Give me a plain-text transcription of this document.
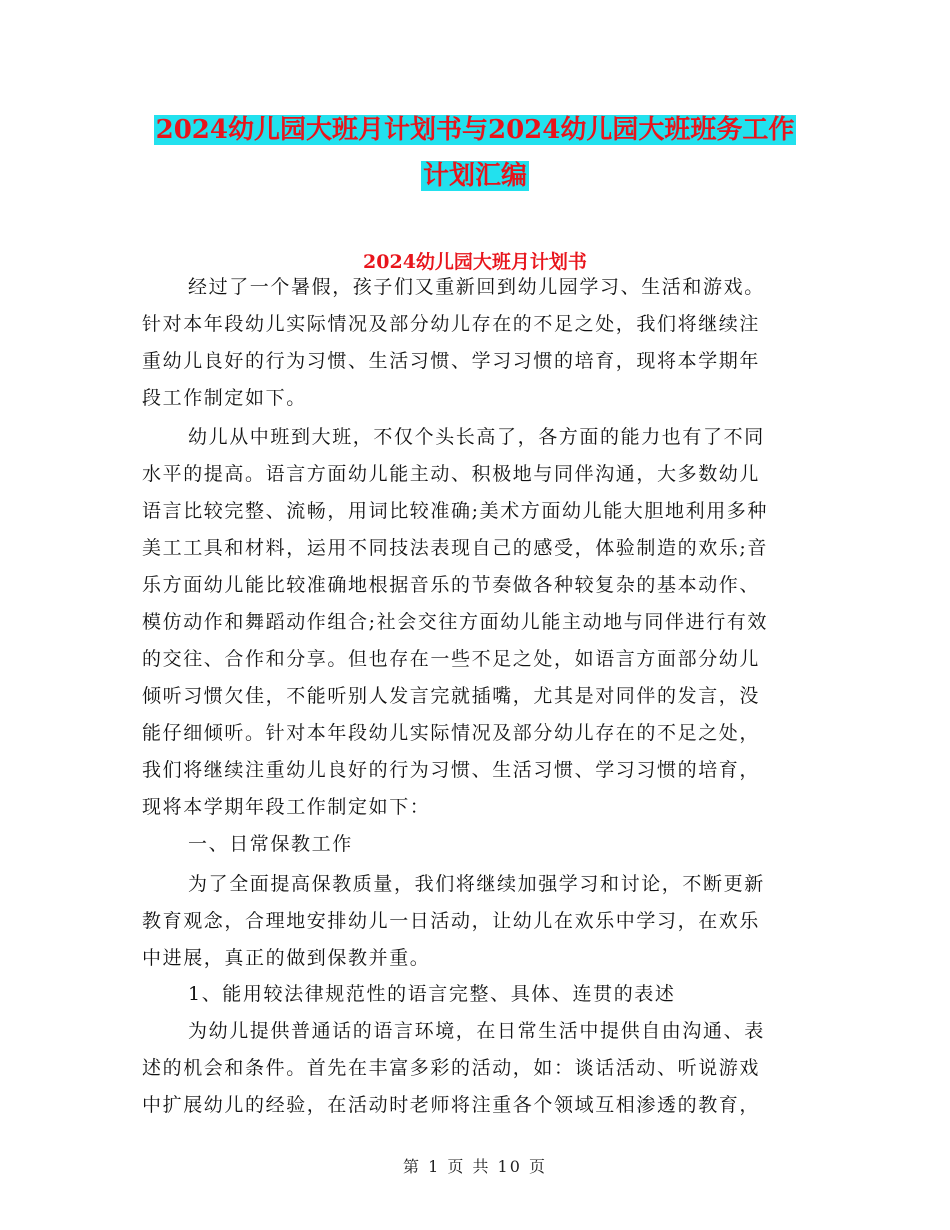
2024幼儿园大班月计划书与2024幼儿园大班班务工作
计划汇编
2024幼儿园大班月计划书
经过了一个暑假，孩子们又重新回到幼儿园学习、生活和游戏。
针对本年段幼儿实际情况及部分幼儿存在的不足之处，我们将继续注
重幼儿良好的行为习惯、生活习惯、学习习惯的培育，现将本学期年
段工作制定如下。
幼儿从中班到大班，不仅个头长高了，各方面的能力也有了不同
水平的提高。语言方面幼儿能主动、积极地与同伴沟通，大多数幼儿
语言比较完整、流畅，用词比较准确;美术方面幼儿能大胆地利用多种
美工工具和材料，运用不同技法表现自己的感受，体验制造的欢乐;音
乐方面幼儿能比较准确地根据音乐的节奏做各种较复杂的基本动作、
模仿动作和舞蹈动作组合;社会交往方面幼儿能主动地与同伴进行有效
的交往、合作和分享。但也存在一些不足之处，如语言方面部分幼儿
倾听习惯欠佳，不能听别人发言完就插嘴，尤其是对同伴的发言，没
能仔细倾听。针对本年段幼儿实际情况及部分幼儿存在的不足之处，
我们将继续注重幼儿良好的行为习惯、生活习惯、学习习惯的培育，
现将本学期年段工作制定如下：
一、日常保教工作
为了全面提高保教质量，我们将继续加强学习和讨论，不断更新
教育观念，合理地安排幼儿一日活动，让幼儿在欢乐中学习，在欢乐
中进展，真正的做到保教并重。
1、能用较法律规范性的语言完整、具体、连贯的表述
为幼儿提供普通话的语言环境，在日常生活中提供自由沟通、表
述的机会和条件。首先在丰富多彩的活动，如：谈话活动、听说游戏
中扩展幼儿的经验，在活动时老师将注重各个领域互相渗透的教育，
第 1 页 共 10 页
